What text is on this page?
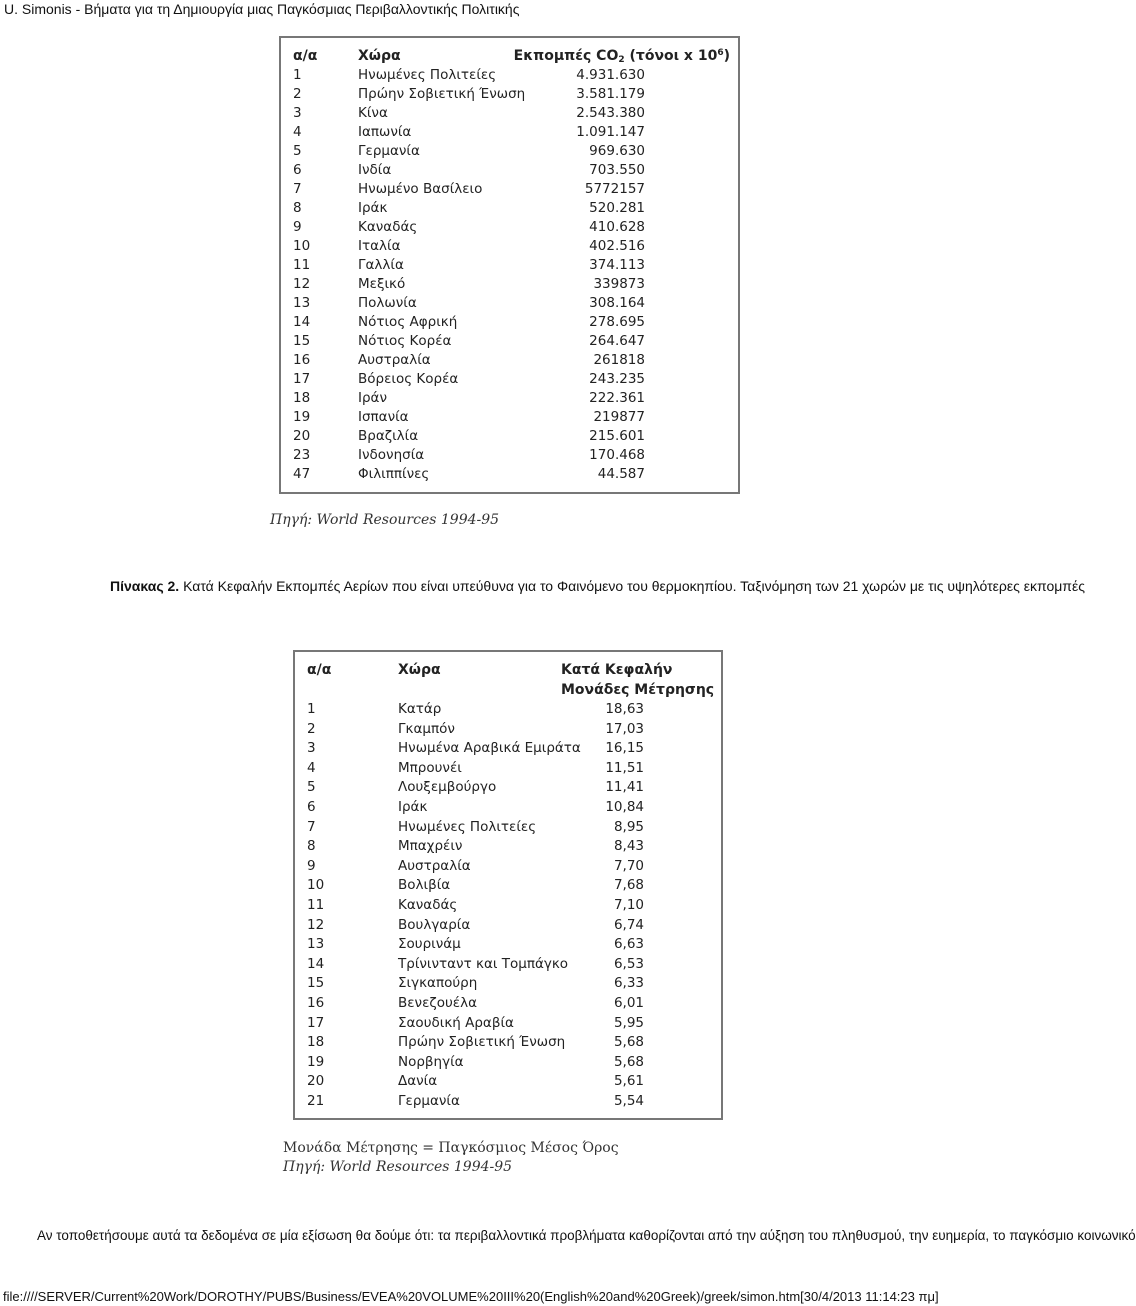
U. Simonis - Βήματα για τη Δημιουργία μιας Παγκόσμιας Περιβαλλοντικής Πολιτικής
α/α	Χώρα	Εκπομπές $CO_2$ (τόνοι x $10^6$)
1	Ηνωμένες Πολιτείες	4.931.630
2	Πρώην Σοβιετική Ένωση	3.581.179
3	Κίνα	2.543.380
4	Ιαπωνία	1.091.147
5	Γερμανία	969.630
6	Ινδία	703.550
7	Ηνωμένο Βασίλειο	5772157
8	Ιράκ	520.281
9	Καναδάς	410.628
10	Ιταλία	402.516
11	Γαλλία	374.113
12	Μεξικό	339873
13	Πολωνία	308.164
14	Νότιος Αφρική	278.695
15	Νότιος Κορέα	264.647
16	Αυστραλία	261818
17	Βόρειος Κορέα	243.235
18	Ιράν	222.361
19	Ισπανία	219877
20	Βραζιλία	215.601
23	Ινδονησία	170.468
47	Φιλιππίνες	44.587
Πηγή: World Resources 1994-95
Πίνακας 2. Κατά Κεφαλήν Εκπομπές Αερίων που είναι υπεύθυνα για το Φαινόμενο του θερμοκηπίου. Ταξινόμηση των 21 χωρών με τις υψηλότερες εκπομπές
α/α	Χώρα	Κατά Κεφαλήν
Μονάδες Μέτρησης
1	Κατάρ	18,63
2	Γκαμπόν	17,03
3	Ηνωμένα Αραβικά Εμιράτα 16,15
4	Μπρουνέι	11,51
5	Λουξεμβούργο	11,41
6	Ιράκ	10,84
7	Ηνωμένες Πολιτείες	8,95
8	Μπαχρέιν	8,43
9	Αυστραλία	7,70
10	Βολιβία	7,68
11	Καναδάς	7,10
12	Βουλγαρία	6,74
13	Σουρινάμ	6,63
14	Τρίνινταντ και Τομπάγκο	6,53
15	Σιγκαπούρη	6,33
16	Βενεζουέλα	6,01
17	Σαουδική Αραβία	5,95
18	Πρώην Σοβιετική Ένωση	5,68
19	Νορβηγία	5,68
20	Δανία	5,61
21	Γερμανία	5,54
Μονάδα Μέτρησης = Παγκόσμιος Μέσος Όρος
Πηγή: World Resources 1994-95
Αν τοποθετήσουμε αυτά τα δεδομένα σε μία εξίσωση θα δούμε ότι: τα περιβαλλοντικά προβλήματα καθορίζονται από την αύξηση του πληθυσμού, την ευημερία, το παγκόσμιο κοινωνικό
file:////SERVER/Current%20Work/DOROTHY/PUBS/Business/EVEA%20VOLUME%20III%20(English%20and%20Greek)/greek/simon.htm[30/4/2013 11:14:23 πμ]
